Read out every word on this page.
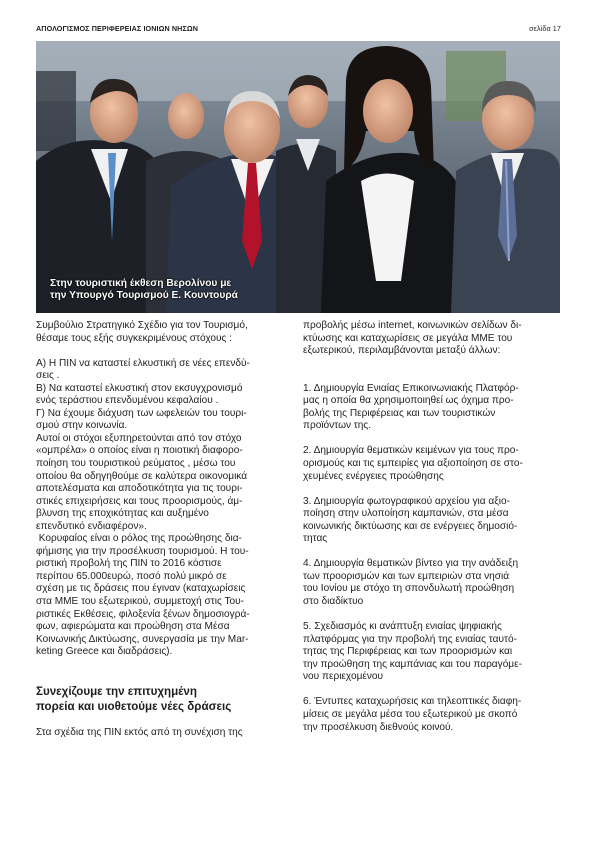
ΑΠΟΛΟΓΙΣΜΟΣ ΠΕΡΙΦΕΡΕΙΑΣ ΙΟΝΙΩΝ ΝΗΣΩΝ	σελίδα 17
Στην τουριστική έκθεση Βερολίνου με
την Υπουργό Τουρισμού Ε. Κουντουρά
Συμβούλιο Στρατηγικό Σχέδιο για τον Τουρισμό,
θέσαμε τους εξής συγκεκριμένους στόχους :
Α) Η ΠΙΝ να καταστεί ελκυστική σε νέες επενδύ-
σεις .
Β) Να καταστεί ελκυστική στον εκσυγχρονισμό
ενός τεράστιου επενδυμένου κεφαλαίου .
Γ) Να έχουμε διάχυση των ωφελειών του τουρι-
σμού στην κοινωνία.
Αυτοί οι στόχοι εξυπηρετούνται από τον στόχο
«ομπρέλα» ο οποίος είναι η ποιοτική διαφορο-
ποίηση του τουριστικού ρεύματος , μέσω του
οποίου θα οδηγηθούμε σε καλύτερα οικονομικά
αποτελέσματα και αποδοτικότητα για τις τουρι-
στικές επιχειρήσεις και τους προορισμούς, άμ-
βλυνση της εποχικότητας και αυξημένο
επενδυτικό ενδιαφέρον».
Κορυφαίος είναι ο ρόλος της προώθησης δια-
φήμισης για την προσέλκυση τουρισμού. Η του-
ριστική προβολή της ΠΙΝ το 2016 κόστισε
περίπου 65.000ευρώ, ποσό πολύ μικρό σε
σχέση με τις δράσεις που έγιναν (καταχωρίσεις
στα ΜΜΕ του εξωτερικού, συμμετοχή στις Του-
ριστικές Εκθέσεις, φιλοξενία ξένων δημοσιογρά-
φων, αφιερώματα και προώθηση στα Μέσα
Κοινωνικής Δικτύωσης, συνεργασία με την Mar-
keting Greece και διαδράσεις).
Συνεχίζουμε την επιτυχημένη
πορεία και υιοθετούμε νέες δράσεις
Στα σχέδια της ΠΙΝ εκτός από τη συνέχιση της
προβολής μέσω internet, κοινωνικών σελίδων δι-
κτύωσης και καταχωρίσεις σε μεγάλα ΜΜΕ του
εξωτερικού, περιλαμβάνονται μεταξύ άλλων:
1. Δημιουργία Ενιαίας Επικοινωνιακής Πλατφόρ-
μας η οποία θα χρησιμοποιηθεί ως όχημα προ-
βολής της Περιφέρειας και των τουριστικών
προϊόντων της.
2. Δημιουργία θεματικών κειμένων για τους προ-
ορισμούς και τις εμπειρίες για αξιοποίηση σε στο-
χευμένες ενέργειες προώθησης
3. Δημιουργία φωτογραφικού αρχείου για αξιο-
ποίηση στην υλοποίηση καμπανιών, στα μέσα
κοινωνικής δικτύωσης και σε ενέργειες δημοσιό-
τητας
4. Δημιουργία θεματικών βίντεο για την ανάδειξη
των προορισμών και των εμπειριών στα νησιά
του Ιονίου με στόχο τη σπονδυλωτή προώθηση
στο διαδίκτυο
5. Σχεδιασμός κι ανάπτυξη ενιαίας ψηφιακής
πλατφόρμας για την προβολή της ενιαίας ταυτό-
τητας της Περιφέρειας και των προορισμών και
την προώθηση της καμπάνιας και του παραγόμε-
νου περιεχομένου
6. Έντυπες καταχωρήσεις και τηλεοπτικές διαφη-
μίσεις σε μεγάλα μέσα του εξωτερικού με σκοπό
την προσέλκυση διεθνούς κοινού.
